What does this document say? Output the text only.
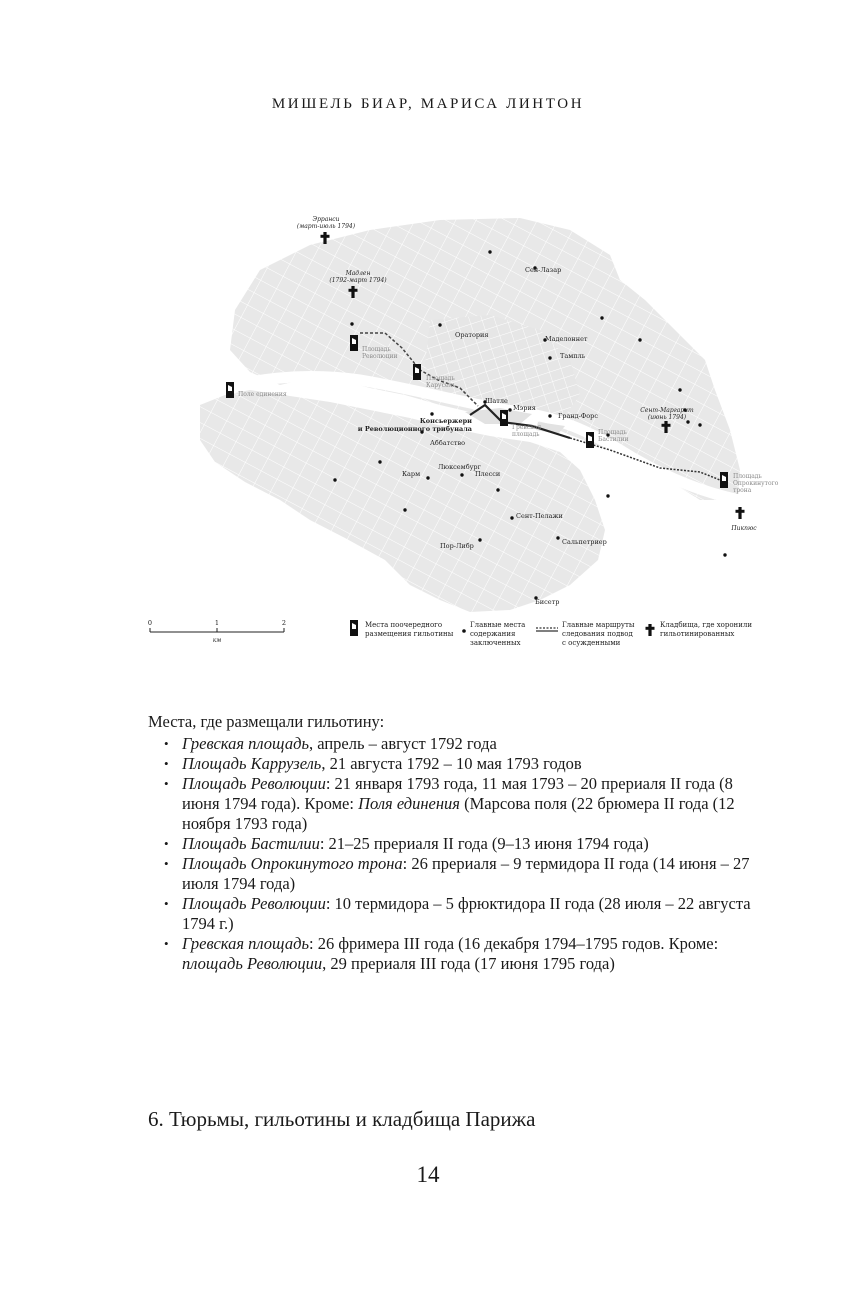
МИШЕЛЬ БИАР, МАРИСА ЛИНТОН
Эрранси
(март-июль 1794)
Мадлен
(1792-март 1794)
Сен-Лазар
Оратория	Маделоннет
Тампль
Площадь
Революции
Площадь
Карусель
Поле единения
Шатле
Мэрия
Гранд-Форс
Консьержери
и Революционного трибунала	Гревская
площадь	Площадь
Бастилии
Сент-Маргарит
(июнь 1794)
Площадь
Опрокинутого
трона
Пикпюс
Аббатство
Карм
Люксембург
Плесси
Сент-Пелажи
Пор-Либр	Сальпетриер
Бисетр
0	1	2
км
Места поочередного
размещения гильотины
Главные места
содержания
заключенных
Главные маршруты
следования подвод
с осужденными
Кладбища, где хоронили
гильотинированных
Места, где размещали гильотину:
• Гревская площадь, апрель – август 1792 года
• Площадь Каррузель, 21 августа 1792 – 10 мая 1793 годов
• Площадь Революции: 21 января 1793 года, 11 мая 1793 – 20 прериаля II года (8 июня 1794 года). Кроме: Поля единения (Марсова поля (22 брюмера II года (12 ноября 1793 года)
• Площадь Бастилии: 21–25 прериаля II года (9–13 июня 1794 года)
• Площадь Опрокинутого трона: 26 прериаля – 9 термидора II года (14 июня – 27 июля 1794 года)
• Площадь Революции: 10 термидора – 5 фрюктидора II года (28 июля – 22 августа 1794 г.)
• Гревская площадь: 26 фримера III года (16 декабря 1794–1795 годов. Кроме: площадь Революции, 29 прериаля III года (17 июня 1795 года)
6. Тюрьмы, гильотины и кладбища Парижа
14
